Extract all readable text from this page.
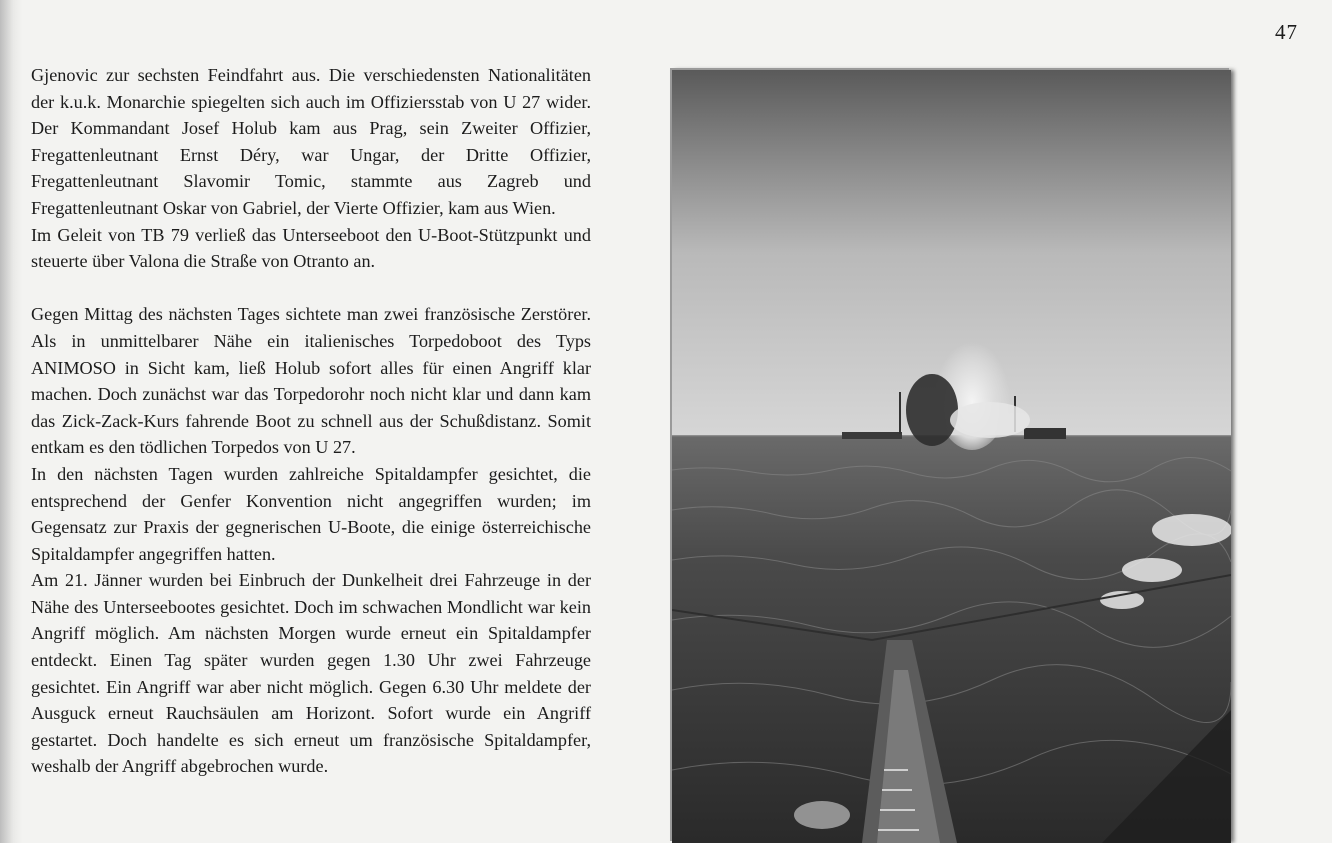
47

Gjenovic zur sechsten Feindfahrt aus. Die verschiedensten Nationalitäten der k.u.k. Monarchie spiegelten sich auch im Offiziersstab von U 27 wider. Der Kommandant Josef Holub kam aus Prag, sein Zweiter Offizier, Fregattenleutnant Ernst Déry, war Ungar, der Dritte Offizier, Fregattenleutnant Slavomir Tomic, stammte aus Zagreb und Fregattenleutnant Oskar von Gabriel, der Vierte Offizier, kam aus Wien.

Im Geleit von TB 79 verließ das Unterseeboot den U-Boot-Stützpunkt und steuerte über Valona die Straße von Otranto an.

Gegen Mittag des nächsten Tages sichtete man zwei französische Zerstörer. Als in unmittelbarer Nähe ein italienisches Torpedoboot des Typs ANIMOSO in Sicht kam, ließ Holub sofort alles für einen Angriff klar machen. Doch zunächst war das Torpedorohr noch nicht klar und dann kam das Zick-Zack-Kurs fahrende Boot zu schnell aus der Schußdistanz. Somit entkam es den tödlichen Torpedos von U 27.

In den nächsten Tagen wurden zahlreiche Spitaldampfer gesichtet, die entsprechend der Genfer Konvention nicht angegriffen wurden; im Gegensatz zur Praxis der gegnerischen U-Boote, die einige österreichische Spitaldampfer angegriffen hatten.

Am 21. Jänner wurden bei Einbruch der Dunkelheit drei Fahrzeuge in der Nähe des Unterseebootes gesichtet. Doch im schwachen Mondlicht war kein Angriff möglich. Am nächsten Morgen wurde erneut ein Spitaldampfer entdeckt. Einen Tag später wurden gegen 1.30 Uhr zwei Fahrzeuge gesichtet. Ein Angriff war aber nicht möglich. Gegen 6.30 Uhr meldete der Ausguck erneut Rauchsäulen am Horizont. Sofort wurde ein Angriff gestartet. Doch handelte es sich erneut um französische Spitaldampfer, weshalb der Angriff abgebrochen wurde.
